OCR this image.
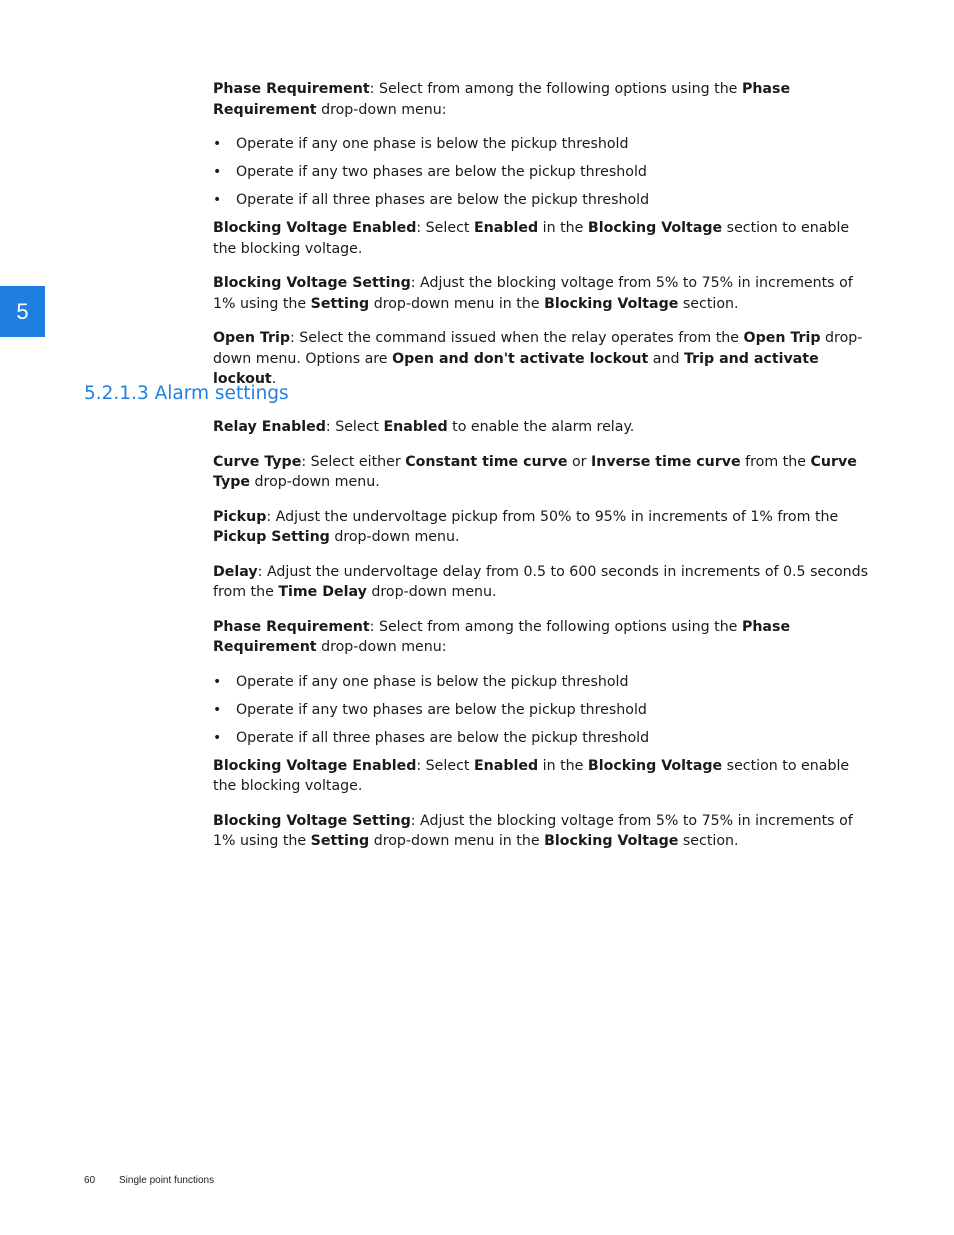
5

Phase Requirement: Select from among the following options using the Phase Requirement drop-down menu:

• Operate if any one phase is below the pickup threshold
• Operate if any two phases are below the pickup threshold
• Operate if all three phases are below the pickup threshold

Blocking Voltage Enabled: Select Enabled in the Blocking Voltage section to enable the blocking voltage.

Blocking Voltage Setting: Adjust the blocking voltage from 5% to 75% in increments of 1% using the Setting drop-down menu in the Blocking Voltage section.

Open Trip: Select the command issued when the relay operates from the Open Trip drop-down menu. Options are Open and don't activate lockout and Trip and activate lockout.

5.2.1.3 Alarm settings

Relay Enabled: Select Enabled to enable the alarm relay.

Curve Type: Select either Constant time curve or Inverse time curve from the Curve Type drop-down menu.

Pickup: Adjust the undervoltage pickup from 50% to 95% in increments of 1% from the Pickup Setting drop-down menu.

Delay: Adjust the undervoltage delay from 0.5 to 600 seconds in increments of 0.5 seconds from the Time Delay drop-down menu.

Phase Requirement: Select from among the following options using the Phase Requirement drop-down menu:

• Operate if any one phase is below the pickup threshold
• Operate if any two phases are below the pickup threshold
• Operate if all three phases are below the pickup threshold

Blocking Voltage Enabled: Select Enabled in the Blocking Voltage section to enable the blocking voltage.

Blocking Voltage Setting: Adjust the blocking voltage from 5% to 75% in increments of 1% using the Setting drop-down menu in the Blocking Voltage section.

60 Single point functions
